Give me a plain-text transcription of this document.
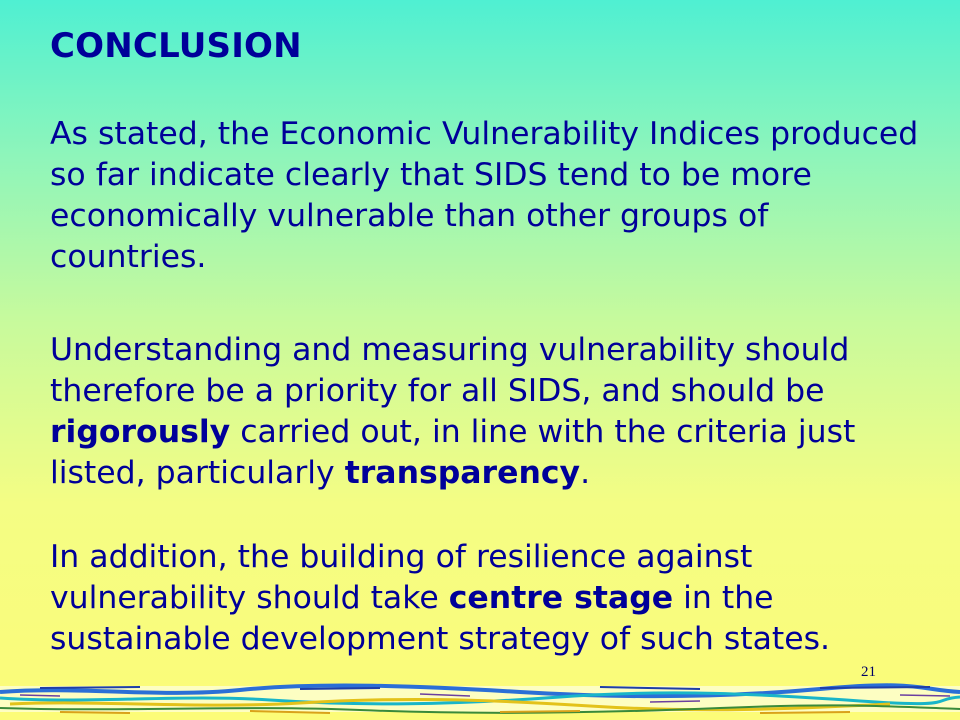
CONCLUSION

As stated, the Economic Vulnerability Indices produced so far indicate clearly that SIDS tend to be more economically vulnerable than other groups of countries.

Understanding and measuring vulnerability should therefore be a priority for all SIDS, and should be rigorously carried out, in line with the criteria just listed, particularly transparency.

In addition, the building of resilience against vulnerability should take centre stage in the sustainable development strategy of such states.

21
